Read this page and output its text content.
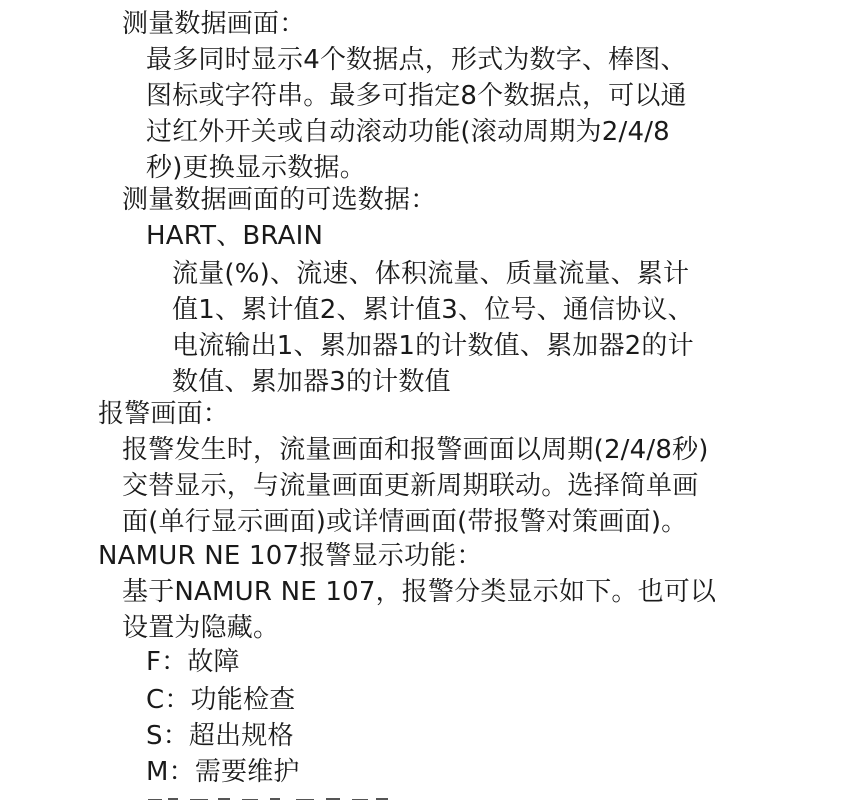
测量数据画面：
最多同时显示4个数据点，形式为数字、棒图、
图标或字符串。最多可指定8个数据点，可以通
过红外开关或自动滚动功能(滚动周期为2/4/8
秒)更换显示数据。
测量数据画面的可选数据：
HART、BRAIN
流量(%)、流速、体积流量、质量流量、累计
值1、累计值2、累计值3、位号、通信协议、
电流输出1、累加器1的计数值、累加器2的计
数值、累加器3的计数值
报警画面：
报警发生时，流量画面和报警画面以周期(2/4/8秒)
交替显示，与流量画面更新周期联动。选择简单画
面(单行显示画面)或详情画面(带报警对策画面)。
NAMUR NE 107报警显示功能：
基于NAMUR NE 107，报警分类显示如下。也可以
设置为隐藏。
F：故障
C：功能检查
S：超出规格
M：需要维护
